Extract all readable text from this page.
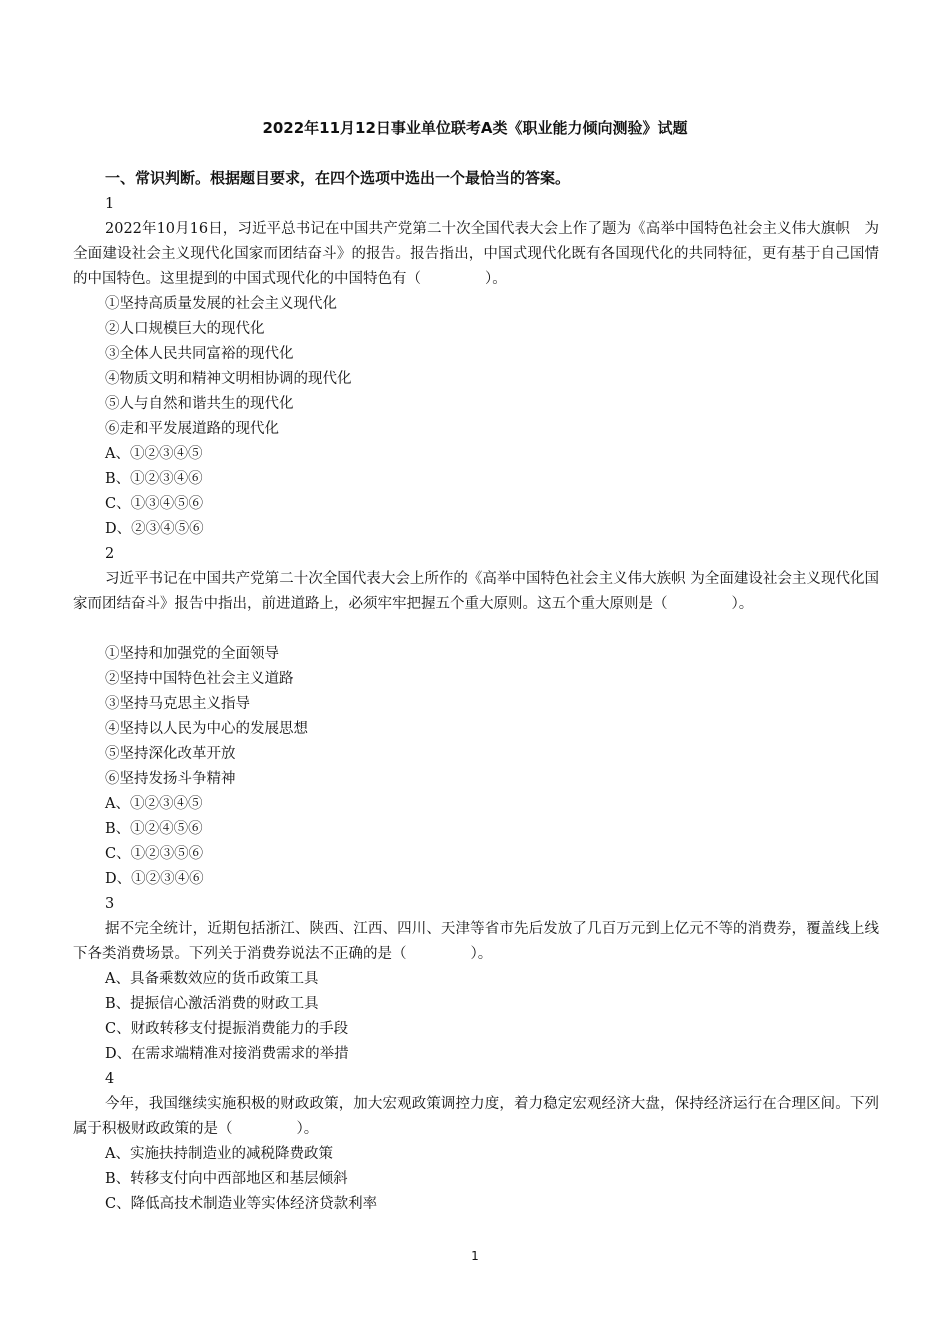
2022年11月12日事业单位联考A类《职业能力倾向测验》试题
一、常识判断。根据题目要求，在四个选项中选出一个最恰当的答案。
1

2022年10月16日，习近平总书记在中国共产党第二十次全国代表大会上作了题为《高举中国特色社会主义伟大旗帜　为全面建设社会主义现代化国家而团结奋斗》的报告。报告指出，中国式现代化既有各国现代化的共同特征，更有基于自己国情的中国特色。这里提到的中国式现代化的中国特色有（	）。

①坚持高质量发展的社会主义现代化
②人口规模巨大的现代化
③全体人民共同富裕的现代化
④物质文明和精神文明相协调的现代化
⑤人与自然和谐共生的现代化
⑥走和平发展道路的现代化
A、①②③④⑤
B、①②③④⑥
C、①③④⑤⑥
D、②③④⑤⑥
2

习近平书记在中国共产党第二十次全国代表大会上所作的《高举中国特色社会主义伟大族帜 为全面建设社会主义现代化国家而团结奋斗》报告中指出，前进道路上，必须牢牢把握五个重大原则。这五个重大原则是（	）。

①坚持和加强党的全面领导
②坚持中国特色社会主义道路
③坚持马克思主义指导
④坚持以人民为中心的发展思想
⑤坚持深化改革开放
⑥坚持发扬斗争精神
A、①②③④⑤
B、①②④⑤⑥
C、①②③⑤⑥
D、①②③④⑥
3

据不完全统计，近期包括浙江、陕西、江西、四川、天津等省市先后发放了几百万元到上亿元不等的消费券，覆盖线上线下各类消费场景。下列关于消费券说法不正确的是（	）。

A、具备乘数效应的货币政策工具
B、提振信心激活消费的财政工具
C、财政转移支付提振消费能力的手段
D、在需求端精准对接消费需求的举措
4

今年，我国继续实施积极的财政政策，加大宏观政策调控力度，着力稳定宏观经济大盘，保持经济运行在合理区间。下列属于积极财政政策的是（	）。

A、实施扶持制造业的减税降费政策
B、转移支付向中西部地区和基层倾斜
C、降低高技术制造业等实体经济贷款利率
1
